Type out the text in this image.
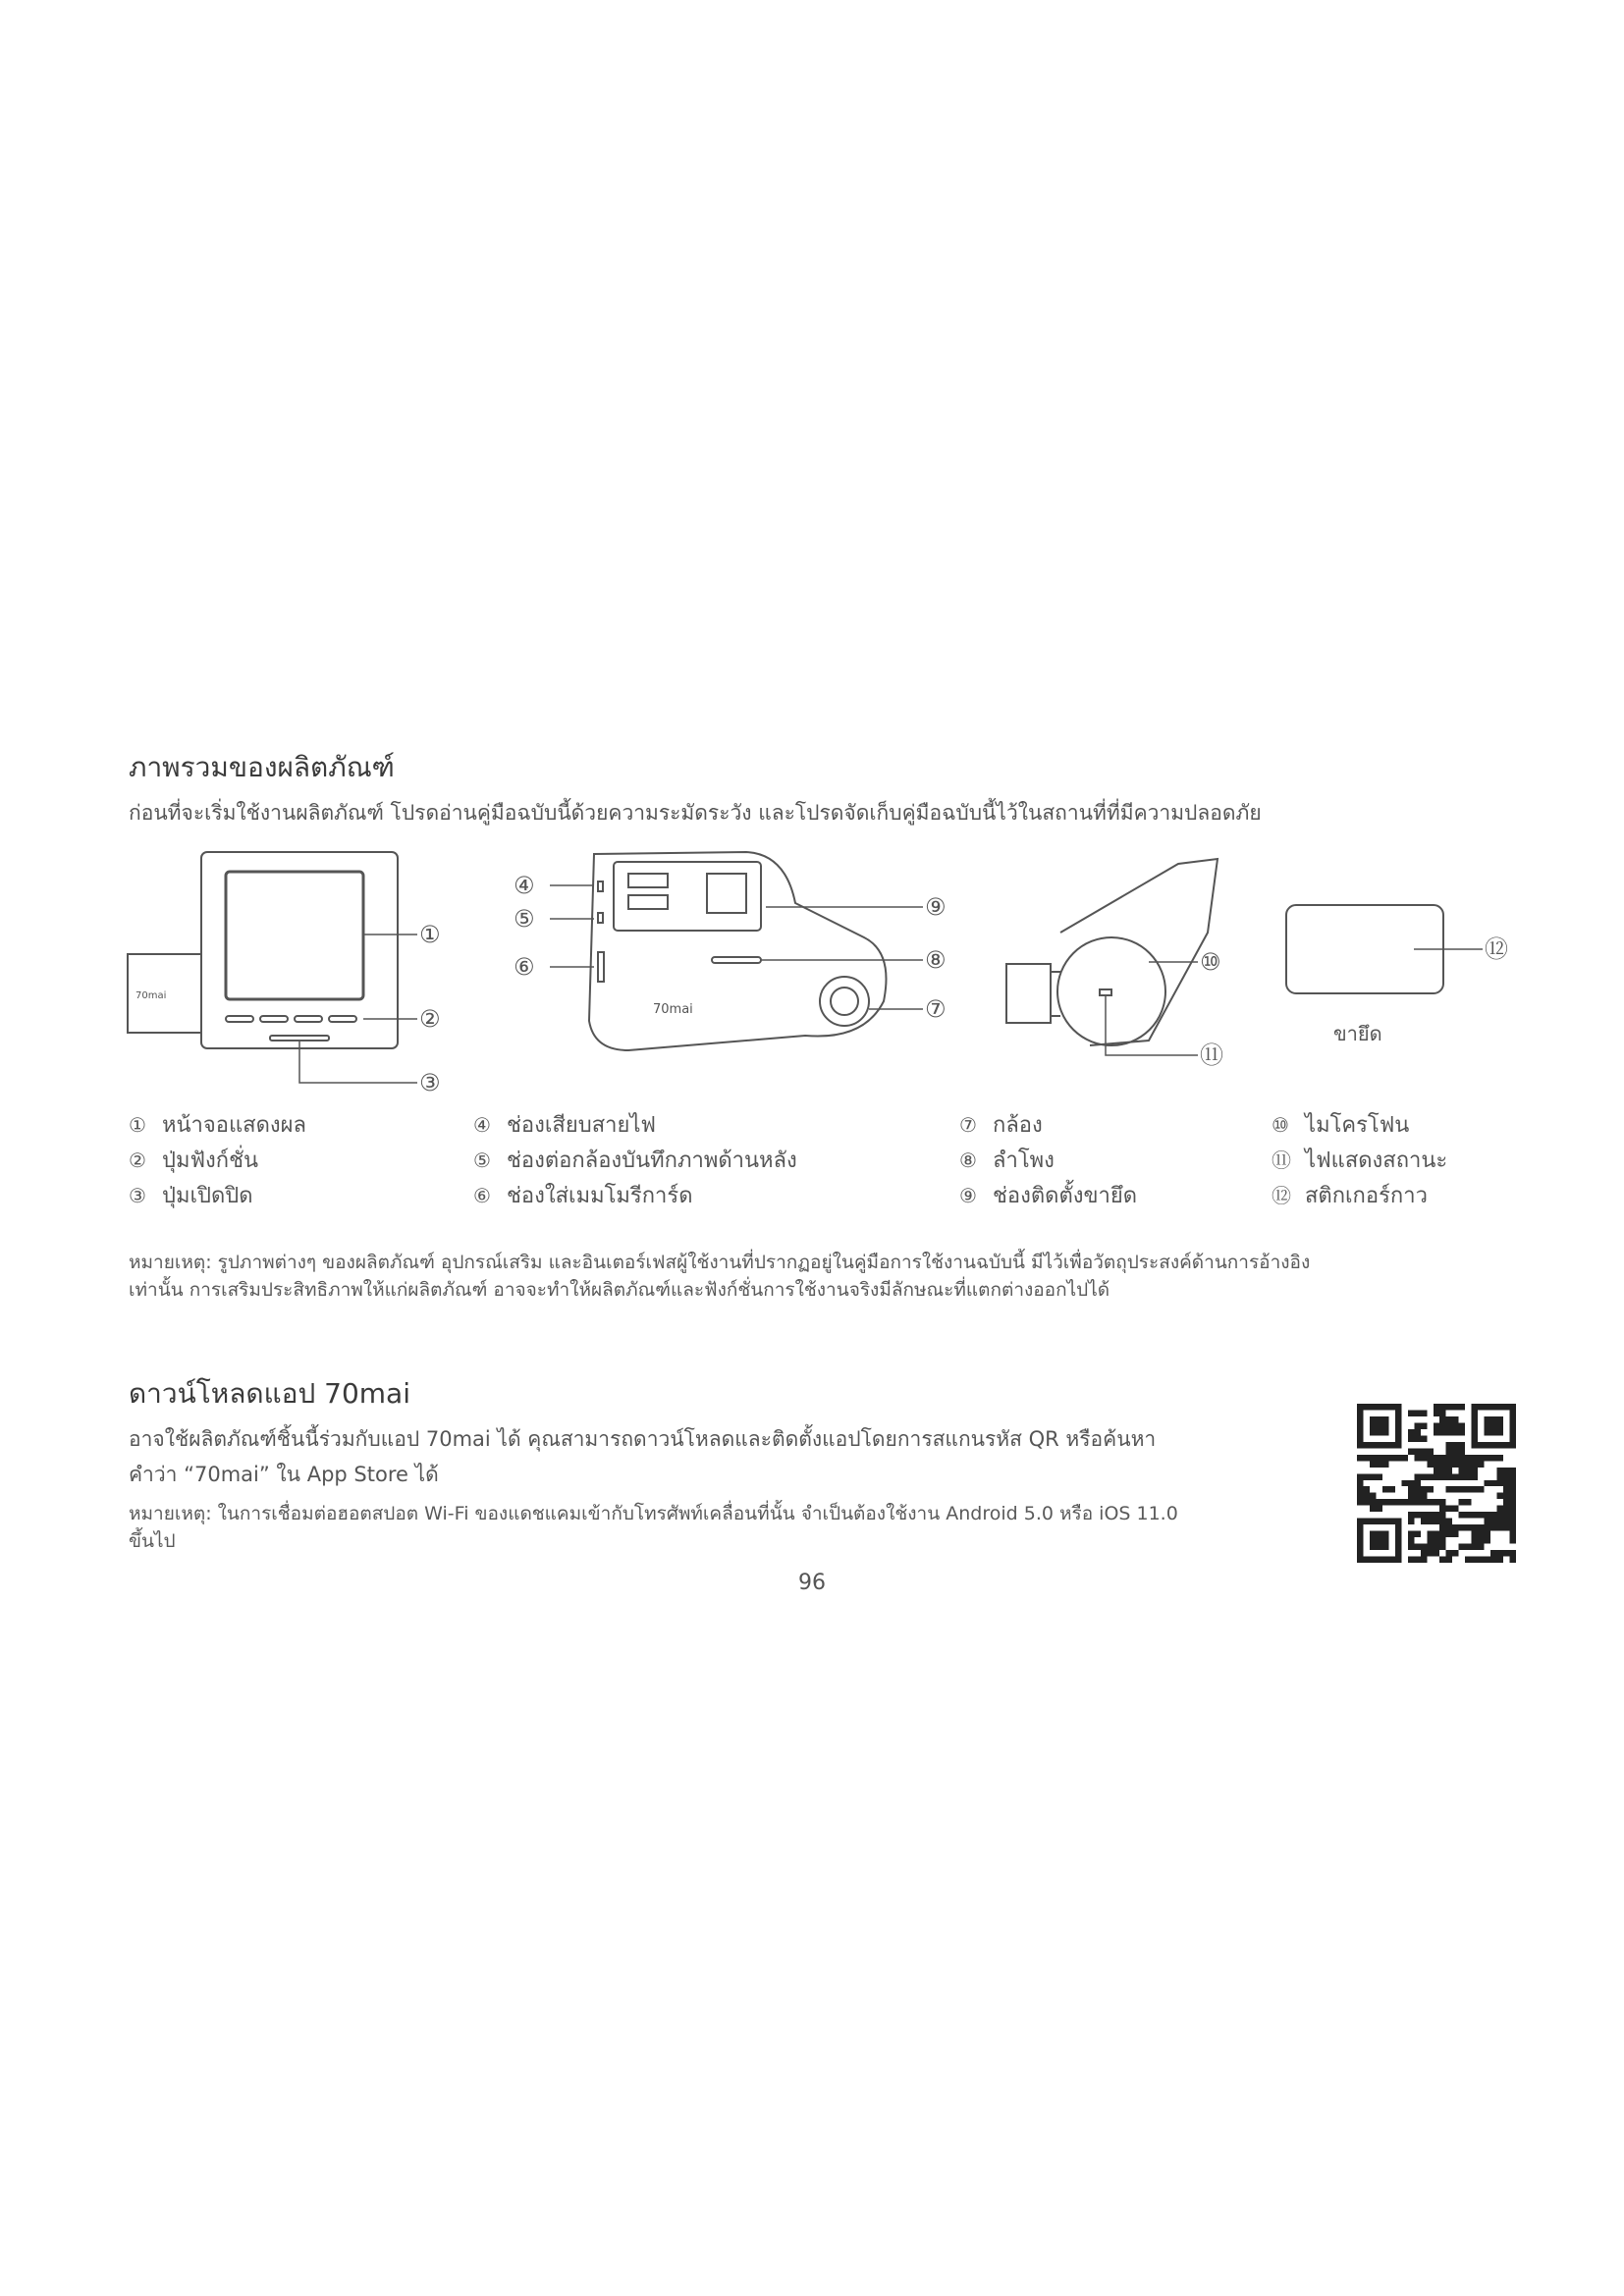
ภาพรวมของผลิตภัณฑ์
ก่อนที่จะเริ่มใช้งานผลิตภัณฑ์ โปรดอ่านคู่มือฉบับนี้ด้วยความระมัดระวัง และโปรดจัดเก็บคู่มือฉบับนี้ไว้ในสถานที่ที่มีความปลอดภัย
70mai
①
②
③
70mai
④
⑤
⑥
⑨
⑧
⑦
⑩
⑪
⑫
ขายึด
① หน้าจอแสดงผล
② ปุ่มฟังก์ชั่น
③ ปุ่มเปิดปิด
④ ช่องเสียบสายไฟ
⑤ ช่องต่อกล้องบันทึกภาพด้านหลัง
⑥ ช่องใส่เมมโมรีการ์ด
⑦ กล้อง
⑧ ลำโพง
⑨ ช่องติดตั้งขายึด
⑩ ไมโครโฟน
⑪ ไฟแสดงสถานะ
⑫ สติกเกอร์กาว
หมายเหตุ: รูปภาพต่างๆ ของผลิตภัณฑ์ อุปกรณ์เสริม และอินเตอร์เฟสผู้ใช้งานที่ปรากฏอยู่ในคู่มือการใช้งานฉบับนี้ มีไว้เพื่อวัตถุประสงค์ด้านการอ้างอิง
เท่านั้น การเสริมประสิทธิภาพให้แก่ผลิตภัณฑ์ อาจจะทำให้ผลิตภัณฑ์และฟังก์ชั่นการใช้งานจริงมีลักษณะที่แตกต่างออกไปได้
ดาวน์โหลดแอป 70mai
อาจใช้ผลิตภัณฑ์ชิ้นนี้ร่วมกับแอป 70mai ได้ คุณสามารถดาวน์โหลดและติดตั้งแอปโดยการสแกนรหัส QR หรือค้นหา
คำว่า “70mai” ใน App Store ได้
หมายเหตุ: ในการเชื่อมต่อฮอตสปอต Wi-Fi ของแดชแคมเข้ากับโทรศัพท์เคลื่อนที่นั้น จำเป็นต้องใช้งาน Android 5.0 หรือ iOS 11.0
ขึ้นไป
96
